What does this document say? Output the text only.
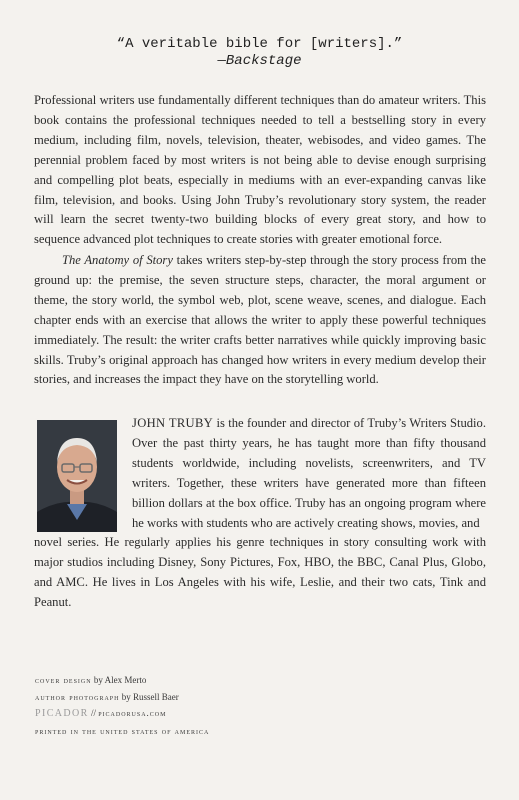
“A veritable bible for [writers].”
—Backstage
Professional writers use fundamentally different techniques than do amateur writers. This book contains the professional techniques needed to tell a bestselling story in every medium, including film, novels, television, theater, webisodes, and video games. The perennial problem faced by most writers is not being able to devise enough surprising and compelling plot beats, especially in mediums with an ever-expanding canvas like film, television, and books. Using John Truby’s revolutionary story system, the reader will learn the secret twenty-two building blocks of every great story, and how to sequence advanced plot techniques to create stories with greater emotional force.
The Anatomy of Story takes writers step-by-step through the story process from the ground up: the premise, the seven structure steps, character, the moral argument or theme, the story world, the symbol web, plot, scene weave, scenes, and dialogue. Each chapter ends with an exercise that allows the writer to apply these powerful techniques immediately. The result: the writer crafts better narratives while quickly improving basic skills. Truby’s original approach has changed how writers in every medium develop their stories, and increases the impact they have on the storytelling world.
JOHN TRUBY is the founder and director of Truby’s Writers Studio. Over the past thirty years, he has taught more than fifty thousand students worldwide, including novelists, screenwriters, and TV writers. Together, these writers have generated more than fifteen billion dollars at the box office. Truby has an ongoing program where he works with students who are actively creating shows, movies, and
novel series. He regularly applies his genre techniques in story consulting work with major studios including Disney, Sony Pictures, Fox, HBO, the BBC, Canal Plus, Globo, and AMC. He lives in Los Angeles with his wife, Leslie, and their two cats, Tink and Peanut.
cover design by Alex Merto
author photograph by Russell Baer
PICADOR // picadorusa.com
printed in the united states of america
